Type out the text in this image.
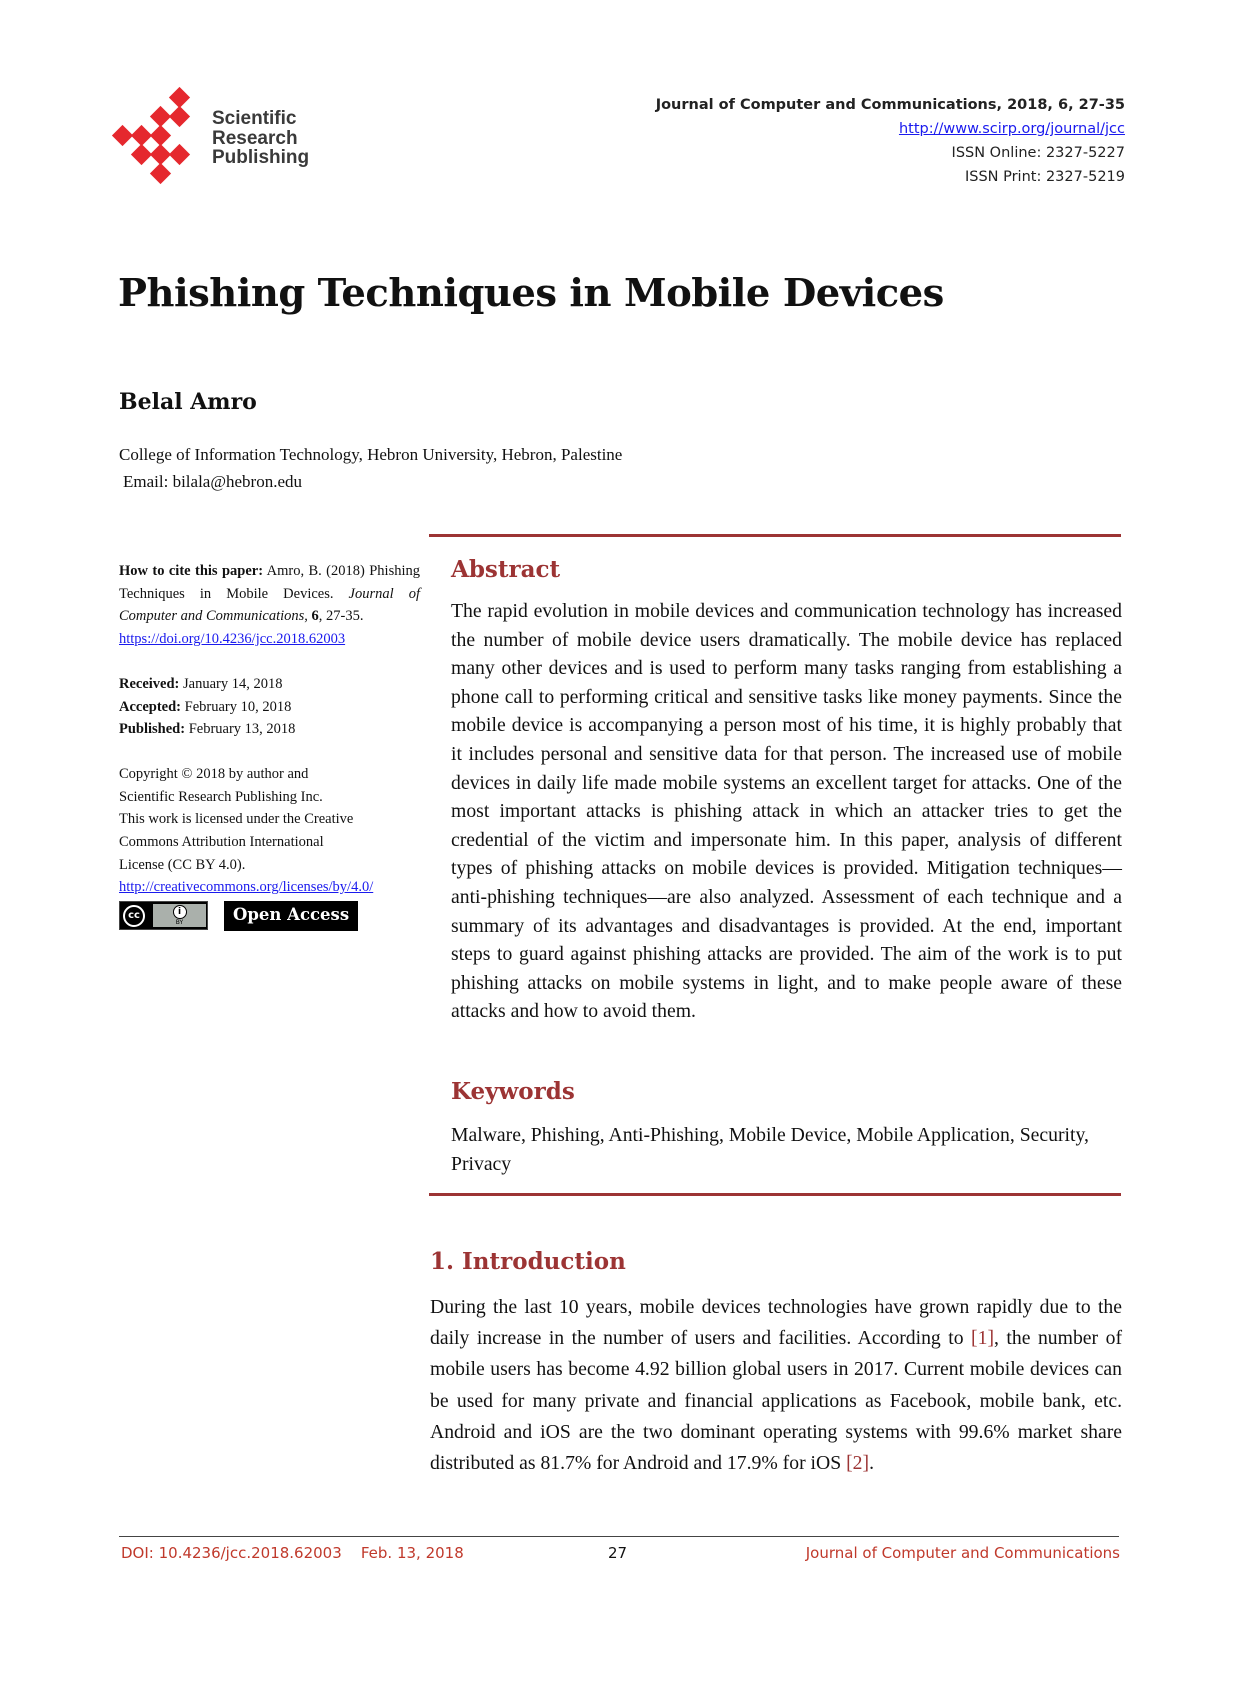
Scientific
Research
Publishing
Journal of Computer and Communications, 2018, 6, 27-35
http://www.scirp.org/journal/jcc
ISSN Online: 2327-5227
ISSN Print: 2327-5219
Phishing Techniques in Mobile Devices
Belal Amro
College of Information Technology, Hebron University, Hebron, Palestine
Email: bilala@hebron.edu

How to cite this paper: Amro, B. (2018) Phishing Techniques in Mobile Devices. Journal of Computer and Communications, 6, 27-35.

https://doi.org/10.4236/jcc.2018.62003

Received: January 14, 2018

Accepted: February 10, 2018

Published: February 13, 2018

Copyright © 2018 by author and

Scientific Research Publishing Inc.

This work is licensed under the Creative

Commons Attribution International

License (CC BY 4.0).

http://creativecommons.org/licenses/by/4.0/

cc	i
BY	Open Access
Abstract
The rapid evolution in mobile devices and communication technology has increased the number of mobile device users dramatically. The mobile device has replaced many other devices and is used to perform many tasks ranging from establishing a phone call to performing critical and sensitive tasks like money payments. Since the mobile device is accompanying a person most of his time, it is highly probably that it includes personal and sensitive data for that person. The increased use of mobile devices in daily life made mobile systems an excellent target for attacks. One of the most important attacks is phishing attack in which an attacker tries to get the credential of the victim and impersonate him. In this paper, analysis of different types of phishing attacks on mobile devices is provided. Mitigation techniques—anti-phishing techniques—are also analyzed. Assessment of each technique and a summary of its advantages and disadvantages is provided. At the end, important steps to guard against phishing attacks are provided. The aim of the work is to put phishing attacks on mobile systems in light, and to make people aware of these attacks and how to avoid them.
Keywords
Malware, Phishing, Anti-Phishing, Mobile Device, Mobile Application, Security, Privacy
1. Introduction
During the last 10 years, mobile devices technologies have grown rapidly due to the daily increase in the number of users and facilities. According to [1], the number of mobile users has become 4.92 billion global users in 2017. Current mobile devices can be used for many private and financial applications as Facebook, mobile bank, etc. Android and iOS are the two dominant operating systems with 99.6% market share distributed as 81.7% for Android and 17.9% for iOS [2].
DOI: 10.4236/jcc.2018.62003    Feb. 13, 2018	27	Journal of Computer and Communications
